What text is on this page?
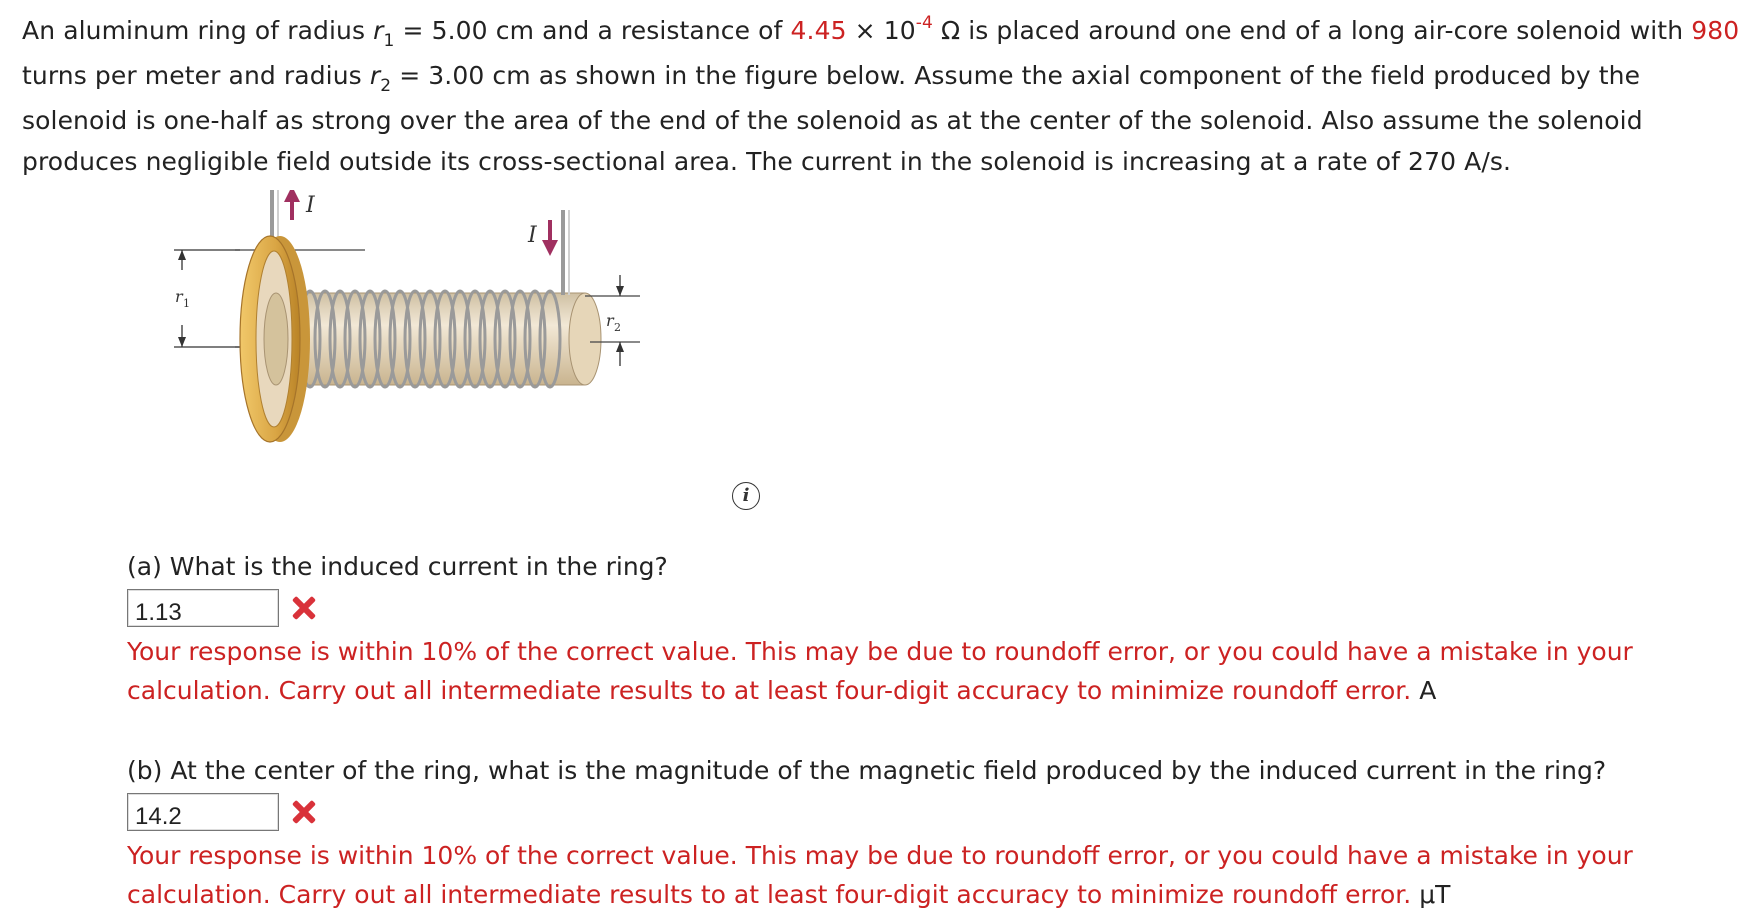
An aluminum ring of radius $r_1 = 5.00$ cm and a resistance of $4.45 \times 10^{-4}$ Ω is placed around one end of a long air-core solenoid with 980 turns per meter and radius $r_2 = 3.00$ cm as shown in the figure below. Assume the axial component of the field produced by the solenoid is one-half as strong over the area of the end of the solenoid as at the center of the solenoid. Also assume the solenoid produces negligible field outside its cross-sectional area. The current in the solenoid is increasing at a rate of 270 A/s.

r 1
I
I
r 2
i

(a) What is the induced current in the ring?

1.13

Your response is within 10% of the correct value. This may be due to roundoff error, or you could have a mistake in your calculation. Carry out all intermediate results to at least four-digit accuracy to minimize roundoff error. A

(b) At the center of the ring, what is the magnitude of the magnetic field produced by the induced current in the ring?

14.2

Your response is within 10% of the correct value. This may be due to roundoff error, or you could have a mistake in your calculation. Carry out all intermediate results to at least four-digit accuracy to minimize roundoff error. μT
